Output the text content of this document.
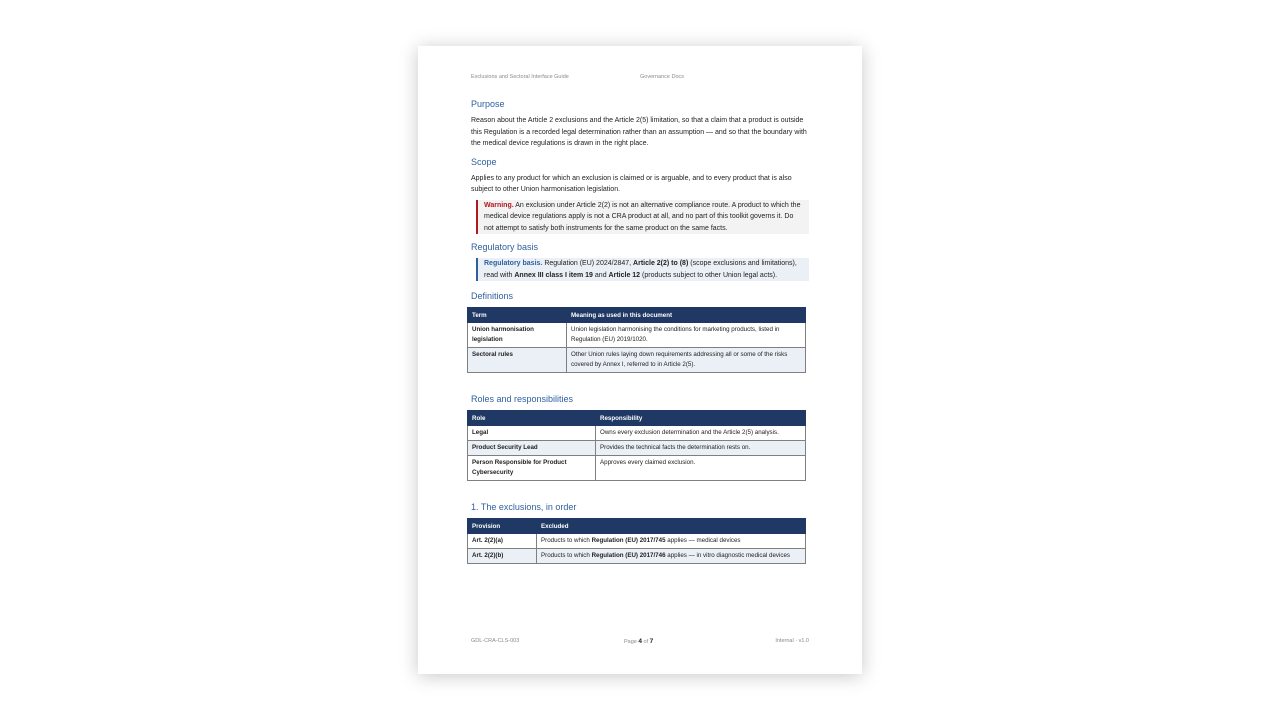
Exclusions and Sectoral Interface Guide	Governance Docs
Purpose

Reason about the Article 2 exclusions and the Article 2(5) limitation, so that a claim that a product is outside this Regulation is a recorded legal determination rather than an assumption — and so that the boundary with the medical device regulations is drawn in the right place.

Scope

Applies to any product for which an exclusion is claimed or is arguable, and to every product that is also subject to other Union harmonisation legislation.

Warning. An exclusion under Article 2(2) is not an alternative compliance route. A product to which the medical device regulations apply is not a CRA product at all, and no part of this toolkit governs it. Do not attempt to satisfy both instruments for the same product on the same facts.
Regulatory basis
Regulatory basis. Regulation (EU) 2024/2847, Article 2(2) to (8) (scope exclusions and limitations), read with Annex III class I item 19 and Article 12 (products subject to other Union legal acts).
Definitions
Term	Meaning as used in this document
Union harmonisation legislation	Union legislation harmonising the conditions for marketing products, listed in Regulation (EU) 2019/1020.
Sectoral rules	Other Union rules laying down requirements addressing all or some of the risks covered by Annex I, referred to in Article 2(5).
Roles and responsibilities
Role	Responsibility
Legal	Owns every exclusion determination and the Article 2(5) analysis.
Product Security Lead	Provides the technical facts the determination rests on.
Person Responsible for Product Cybersecurity	Approves every claimed exclusion.
1. The exclusions, in order
Provision	Excluded
Art. 2(2)(a)	Products to which Regulation (EU) 2017/745 applies — medical devices
Art. 2(2)(b)	Products to which Regulation (EU) 2017/746 applies — in vitro diagnostic medical devices
GDL-CRA-CLS-003	Page 4 of 7	Internal · v1.0
